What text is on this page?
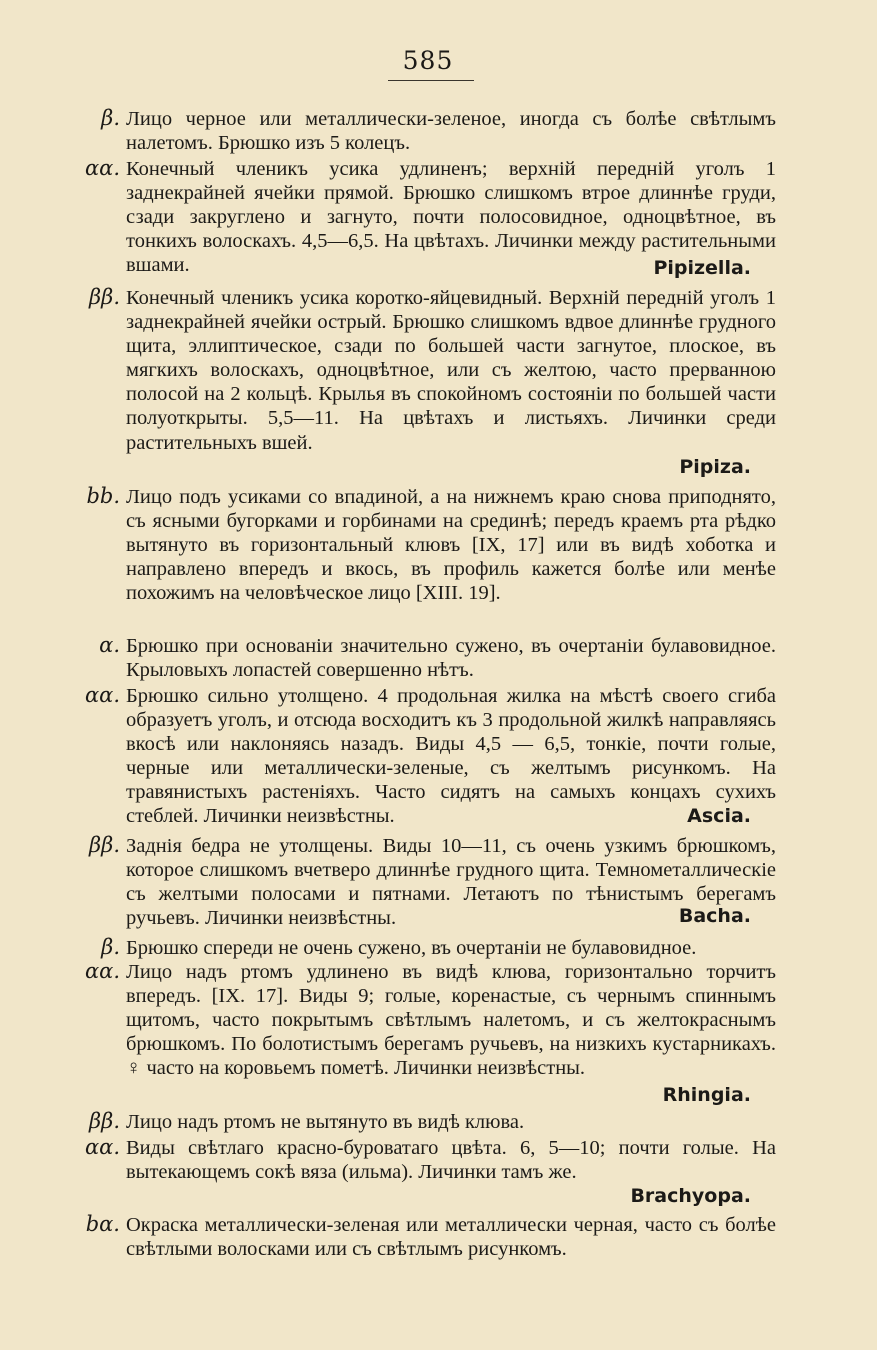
585
β. Лицо черное или металлически-зеленое, иногда съ болѣе свѣтлымъ налетомъ. Брюшко изъ 5 колецъ.
αα. Конечный членикъ усика удлиненъ; верхній передній уголъ 1 заднекрайней ячейки прямой. Брюшко слишкомъ втрое длиннѣе груди, сзади закруглено и загнуто, почти полосовидное, одноцвѣтное, въ тонкихъ волоскахъ. 4,5—6,5. На цвѣтахъ. Личинки между растительными вшами.	Pipizella.
ββ. Конечный членикъ усика коротко-яйцевидный. Верхній передній уголъ 1 заднекрайней ячейки острый. Брюшко слишкомъ вдвое длиннѣе грудного щита, эллиптическое, сзади по большей части загнутое, плоское, въ мягкихъ волоскахъ, одноцвѣтное, или съ желтою, часто прерванною полосой на 2 кольцѣ. Крылья въ спокойномъ состояніи по большей части полуоткрыты. 5,5—11. На цвѣтахъ и листьяхъ. Личинки среди растительныхъ вшей.
Pipiza.
bb. Лицо подъ усиками со впадиной, а на нижнемъ краю снова приподнято, съ ясными бугорками и горбинами на срединѣ; передъ краемъ рта рѣдко вытянуто въ горизонтальный клювъ [IX, 17] или въ видѣ хоботка и направлено впередъ и вкось, въ профиль кажется болѣе или менѣе похожимъ на человѣческое лицо [XIII. 19].
α. Брюшко при основаніи значительно сужено, въ очертаніи булавовидное. Крыловыхъ лопастей совершенно нѣтъ.
αα. Брюшко сильно утолщено. 4 продольная жилка на мѣстѣ своего сгиба образуетъ уголъ, и отсюда восходитъ къ 3 продольной жилкѣ направляясь вкосѣ или наклоняясь назадъ. Виды 4,5 — 6,5, тонкіе, почти голые, черные или металлически-зеленые, съ желтымъ рисункомъ. На травянистыхъ растеніяхъ. Часто сидятъ на самыхъ концахъ сухихъ стеблей. Личинки неизвѣстны.	Ascia.
ββ. Заднія бедра не утолщены. Виды 10—11, съ очень узкимъ брюшкомъ, которое слишкомъ вчетверо длиннѣе грудного щита. Темнометаллическіе съ желтыми полосами и пятнами. Летаютъ по тѣнистымъ берегамъ ручьевъ. Личинки неизвѣстны.	Bacha.
β. Брюшко спереди не очень сужено, въ очертаніи не булавовидное.
αα. Лицо надъ ртомъ удлинено въ видѣ клюва, горизонтально торчитъ впередъ. [IX. 17]. Виды 9; голые, коренастые, съ чернымъ спиннымъ щитомъ, часто покрытымъ свѣтлымъ налетомъ, и съ желтокраснымъ брюшкомъ. По болотистымъ берегамъ ручьевъ, на низкихъ кустарникахъ. ♀ часто на коровьемъ пометѣ. Личинки неизвѣстны.
Rhingia.
ββ. Лицо надъ ртомъ не вытянуто въ видѣ клюва.
αα. Виды свѣтлаго красно-буроватаго цвѣта. 6, 5—10; почти голые. На вытекающемъ сокѣ вяза (ильма). Личинки тамъ же.
Brachyopa.
bα. Окраска металлически-зеленая или металлически черная, часто съ болѣе свѣтлыми волосками или съ свѣтлымъ рисункомъ.
